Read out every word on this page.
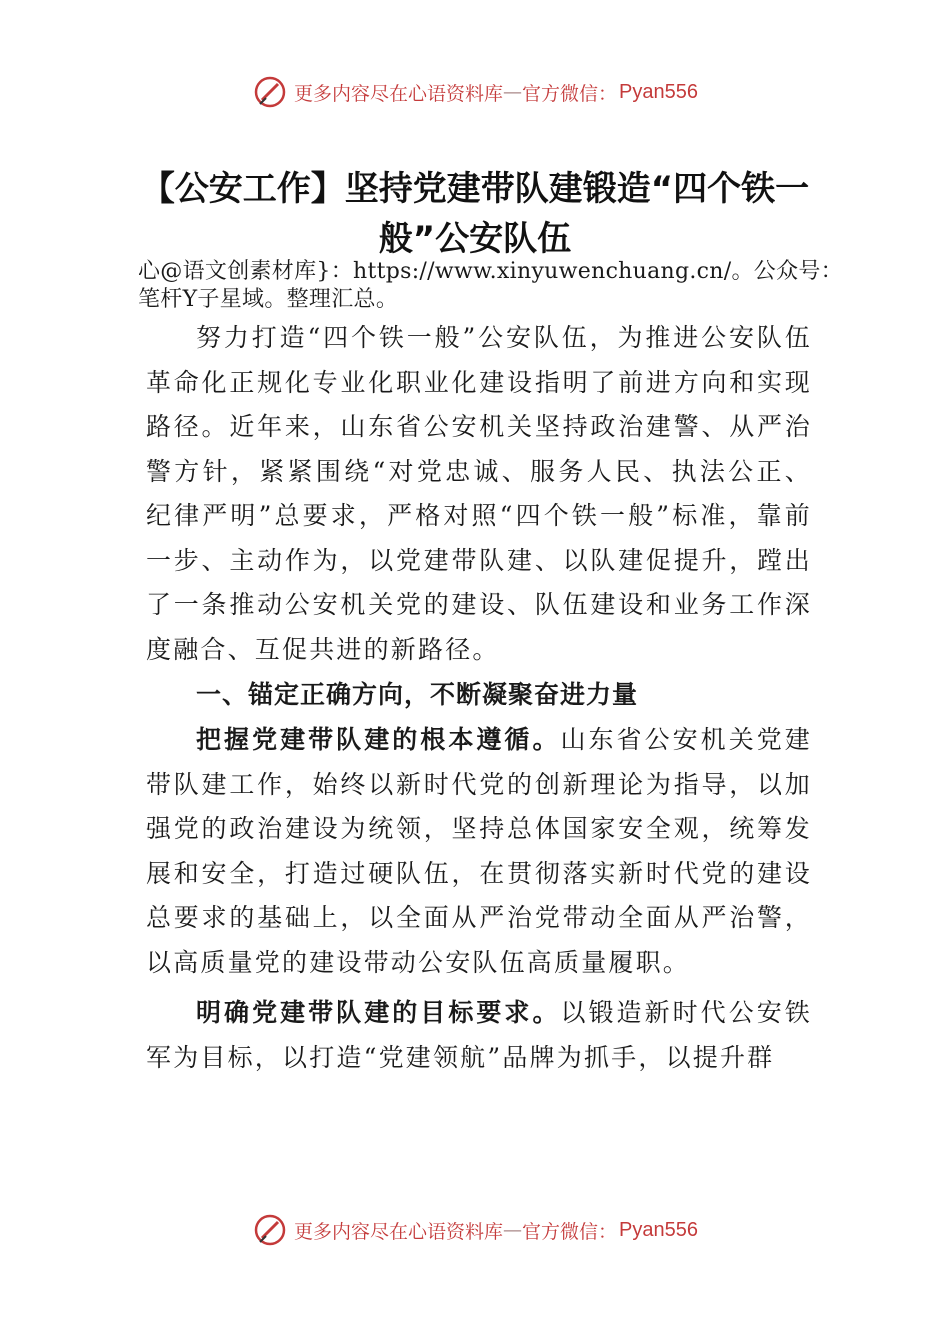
更多内容尽在心语资料库 — 官方微信： Pyan556
【公安工作】坚持党建带队建锻造“四个铁一般”公安队伍
心@语文创素材库}：https://www.xinyuwenchuang.cn/。公众号：笔杆Y子星域。整理汇总。

努力打造“四个铁一般”公安队伍，为推进公安队伍革命化正规化专业化职业化建设指明了前进方向和实现路径。近年来，山东省公安机关坚持政治建警、从严治警方针，紧紧围绕“对党忠诚、服务人民、执法公正、纪律严明”总要求，严格对照“四个铁一般”标准，靠前一步、主动作为，以党建带队建、以队建促提升，蹚出了一条推动公安机关党的建设、队伍建设和业务工作深度融合、互促共进的新路径。

一、锚定正确方向，不断凝聚奋进力量

把握党建带队建的根本遵循。山东省公安机关党建带队建工作，始终以新时代党的创新理论为指导，以加强党的政治建设为统领，坚持总体国家安全观，统筹发展和安全，打造过硬队伍，在贯彻落实新时代党的建设总要求的基础上，以全面从严治党带动全面从严治警，以高质量党的建设带动公安队伍高质量履职。

明确党建带队建的目标要求。以锻造新时代公安铁军为目标，以打造“党建领航”品牌为抓手，以提升群

更多内容尽在心语资料库 — 官方微信： Pyan556
